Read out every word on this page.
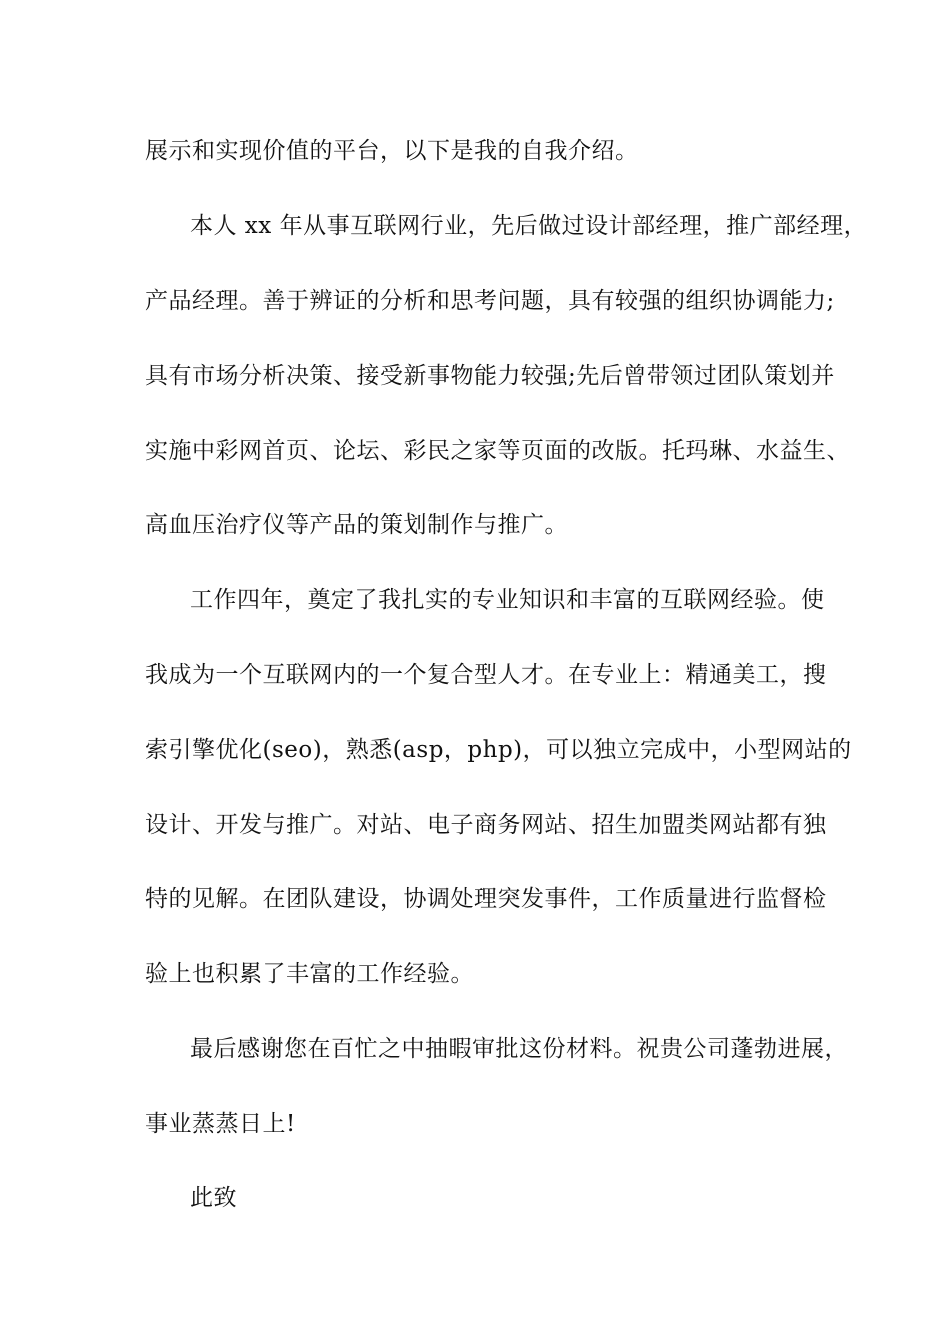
展示和实现价值的平台，以下是我的自我介绍。
本人 xx 年从事互联网行业，先后做过设计部经理，推广部经理，
产品经理。善于辨证的分析和思考问题，具有较强的组织协调能力;
具有市场分析决策、接受新事物能力较强;先后曾带领过团队策划并
实施中彩网首页、论坛、彩民之家等页面的改版。托玛琳、水益生、
高血压治疗仪等产品的策划制作与推广。
工作四年，奠定了我扎实的专业知识和丰富的互联网经验。使
我成为一个互联网内的一个复合型人才。在专业上：精通美工，搜
索引擎优化(seo)，熟悉(asp，php)，可以独立完成中，小型网站的
设计、开发与推广。对站、电子商务网站、招生加盟类网站都有独
特的见解。在团队建设，协调处理突发事件，工作质量进行监督检
验上也积累了丰富的工作经验。
最后感谢您在百忙之中抽暇审批这份材料。祝贵公司蓬勃进展，
事业蒸蒸日上!
此致
